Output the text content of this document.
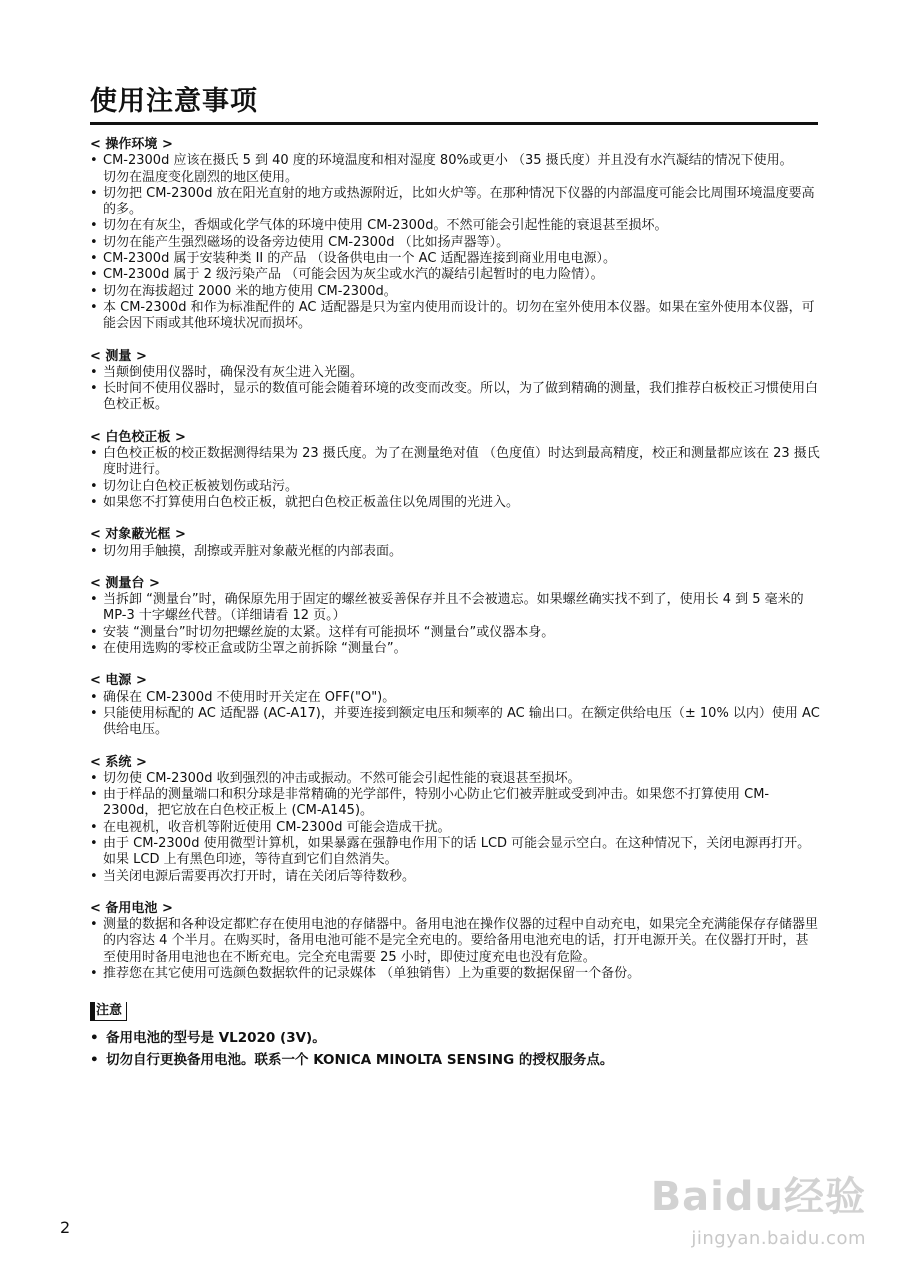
使用注意事项
< 操作环境 >
• CM-2300d 应该在摄氏 5 到 40 度的环境温度和相对湿度 80%或更小 （35 摄氏度）并且没有水汽凝结的情况下使用。
切勿在温度变化剧烈的地区使用。
• 切勿把 CM-2300d 放在阳光直射的地方或热源附近，比如火炉等。在那种情况下仪器的内部温度可能会比周围环境温度要高的多。
• 切勿在有灰尘，香烟或化学气体的环境中使用 CM-2300d。不然可能会引起性能的衰退甚至损坏。
• 切勿在能产生强烈磁场的设备旁边使用 CM-2300d （比如扬声器等）。
• CM-2300d 属于安装种类 II 的产品 （设备供电由一个 AC 适配器连接到商业用电电源）。
• CM-2300d 属于 2 级污染产品 （可能会因为灰尘或水汽的凝结引起暂时的电力险情）。
• 切勿在海拔超过 2000 米的地方使用 CM-2300d。
• 本 CM-2300d 和作为标准配件的 AC 适配器是只为室内使用而设计的。切勿在室外使用本仪器。如果在室外使用本仪器，可能会因下雨或其他环境状况而损坏。
< 测量 >
• 当颠倒使用仪器时，确保没有灰尘进入光圈。
• 长时间不使用仪器时，显示的数值可能会随着环境的改变而改变。所以，为了做到精确的测量，我们推荐白板校正习惯使用白色校正板。
< 白色校正板 >
• 白色校正板的校正数据测得结果为 23 摄氏度。为了在测量绝对值 （色度值）时达到最高精度，校正和测量都应该在 23 摄氏度时进行。
• 切勿让白色校正板被划伤或玷污。
• 如果您不打算使用白色校正板，就把白色校正板盖住以免周围的光进入。
< 对象蔽光框 >
• 切勿用手触摸，刮擦或弄脏对象蔽光框的内部表面。
< 测量台 >
• 当拆卸 “测量台”时，确保原先用于固定的螺丝被妥善保存并且不会被遗忘。如果螺丝确实找不到了，使用长 4 到 5 毫米的 MP-3 十字螺丝代替。（详细请看 12 页。）
• 安装 “测量台”时切勿把螺丝旋的太紧。这样有可能损坏 “测量台”或仪器本身。
• 在使用选购的零校正盒或防尘罩之前拆除 “测量台”。
< 电源 >
• 确保在 CM-2300d 不使用时开关定在 OFF("O")。
• 只能使用标配的 AC 适配器 (AC-A17)，并要连接到额定电压和频率的 AC 输出口。在额定供给电压（± 10% 以内）使用 AC 供给电压。
< 系统 >
• 切勿使 CM-2300d 收到强烈的冲击或振动。不然可能会引起性能的衰退甚至损坏。
• 由于样品的测量端口和积分球是非常精确的光学部件，特别小心防止它们被弄脏或受到冲击。如果您不打算使用 CM-2300d，把它放在白色校正板上 (CM-A145)。
• 在电视机，收音机等附近使用 CM-2300d 可能会造成干扰。
• 由于 CM-2300d 使用微型计算机，如果暴露在强静电作用下的话 LCD 可能会显示空白。在这种情况下，关闭电源再打开。如果 LCD 上有黑色印迹，等待直到它们自然消失。
• 当关闭电源后需要再次打开时，请在关闭后等待数秒。
< 备用电池 >
• 测量的数据和各种设定都贮存在使用电池的存储器中。备用电池在操作仪器的过程中自动充电，如果完全充满能保存存储器里的内容达 4 个半月。在购买时，备用电池可能不是完全充电的。要给备用电池充电的话，打开电源开关。在仪器打开时，甚至使用时备用电池也在不断充电。完全充电需要 25 小时，即使过度充电也没有危险。
• 推荐您在其它使用可选颜色数据软件的记录媒体 （单独销售）上为重要的数据保留一个备份。
注意
• 备用电池的型号是 VL2020 (3V)。
• 切勿自行更换备用电池。联系一个 KONICA MINOLTA SENSING 的授权服务点。
2
Baidu经验
jingyan.baidu.com
